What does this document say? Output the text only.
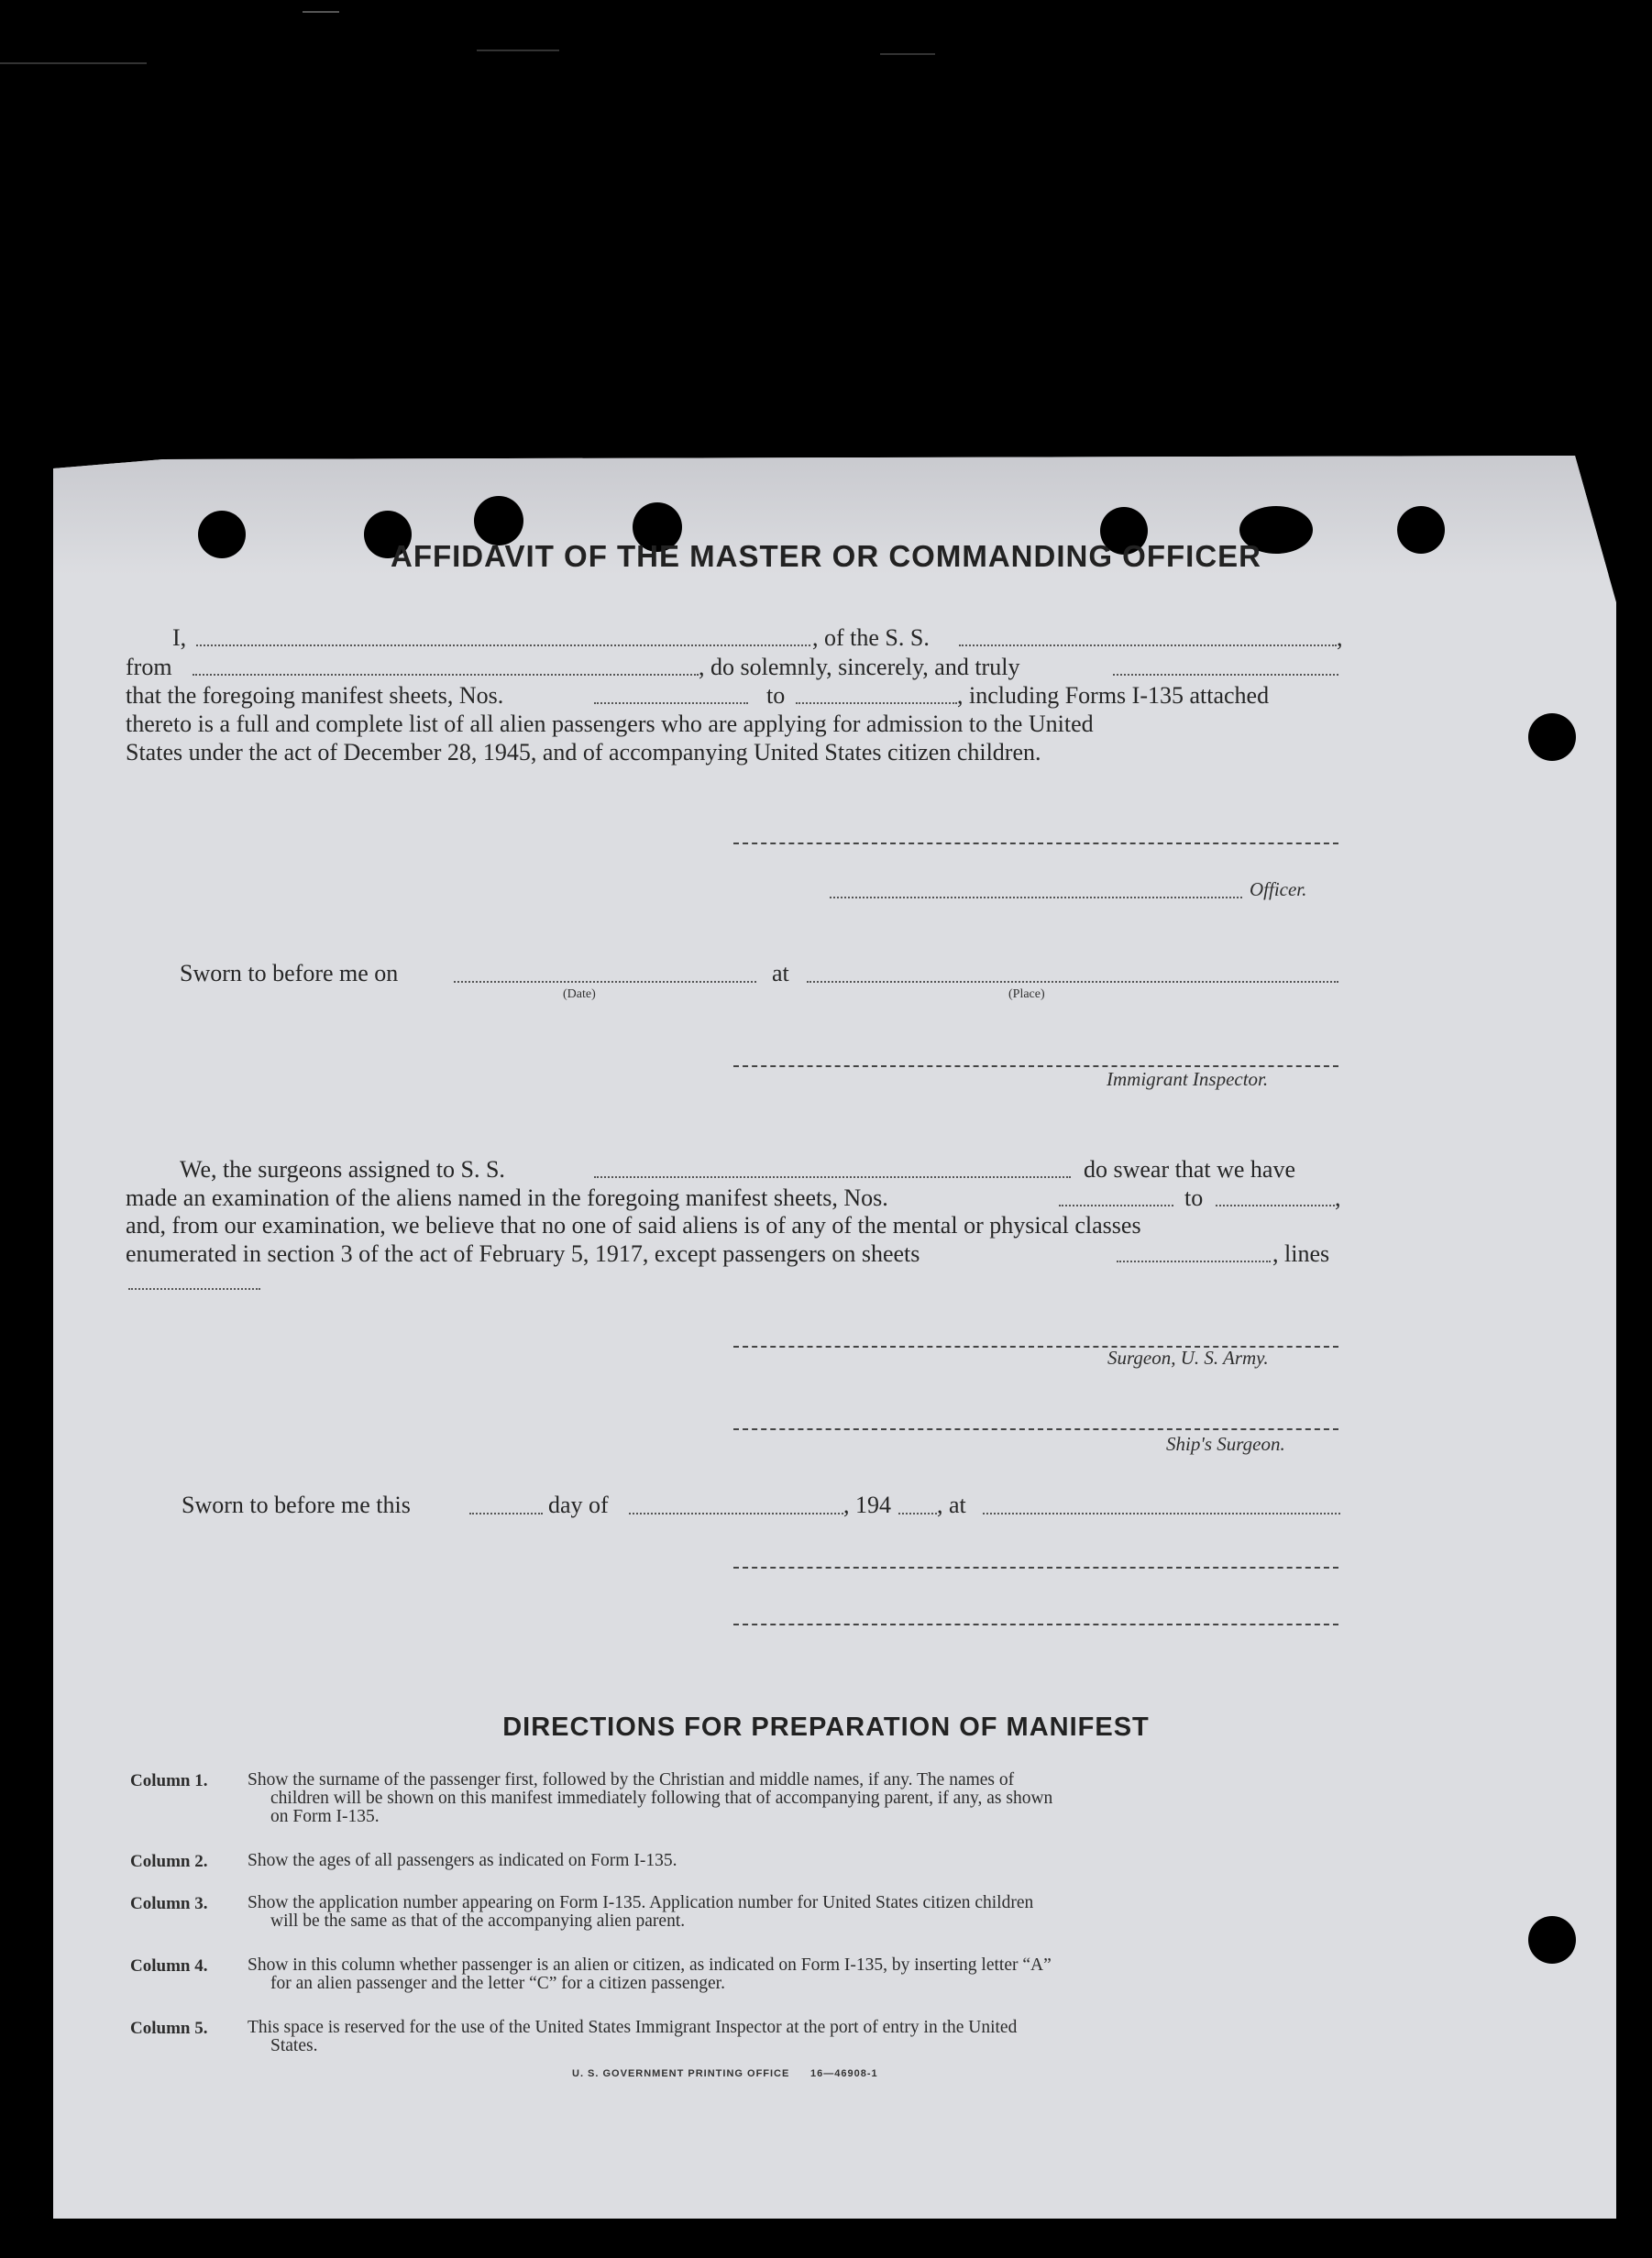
AFFIDAVIT OF THE MASTER OR COMMANDING OFFICER
I,	, of the S. S.	,
from	, do solemnly, sincerely, and truly
that the foregoing manifest sheets, Nos.	to	, including Forms I-135 attached
thereto is a full and complete list of all alien passengers who are applying for admission to the United
States under the act of December 28, 1945, and of accompanying United States citizen children.
Officer.
Sworn to before me on	at
(Date)	(Place)
Immigrant Inspector.
We, the surgeons assigned to S. S.	do swear that we have
made an examination of the aliens named in the foregoing manifest sheets, Nos.	to	,
and, from our examination, we believe that no one of said aliens is of any of the mental or physical classes
enumerated in section 3 of the act of February 5, 1917, except passengers on sheets	, lines
Surgeon, U. S. Army.
Ship's Surgeon.
Sworn to before me this	day of	, 194 , at
DIRECTIONS FOR PREPARATION OF MANIFEST
Column 1. Show the surname of the passenger first, followed by the Christian and middle names, if any. The names of
children will be shown on this manifest immediately following that of accompanying parent, if any, as shown
on Form I-135.
Column 2. Show the ages of all passengers as indicated on Form I-135.
Column 3. Show the application number appearing on Form I-135. Application number for United States citizen children
will be the same as that of the accompanying alien parent.
Column 4. Show in this column whether passenger is an alien or citizen, as indicated on Form I-135, by inserting letter “A”
for an alien passenger and the letter “C” for a citizen passenger.
Column 5. This space is reserved for the use of the United States Immigrant Inspector at the port of entry in the United
States.
U. S. GOVERNMENT PRINTING OFFICE 16—46908-1
